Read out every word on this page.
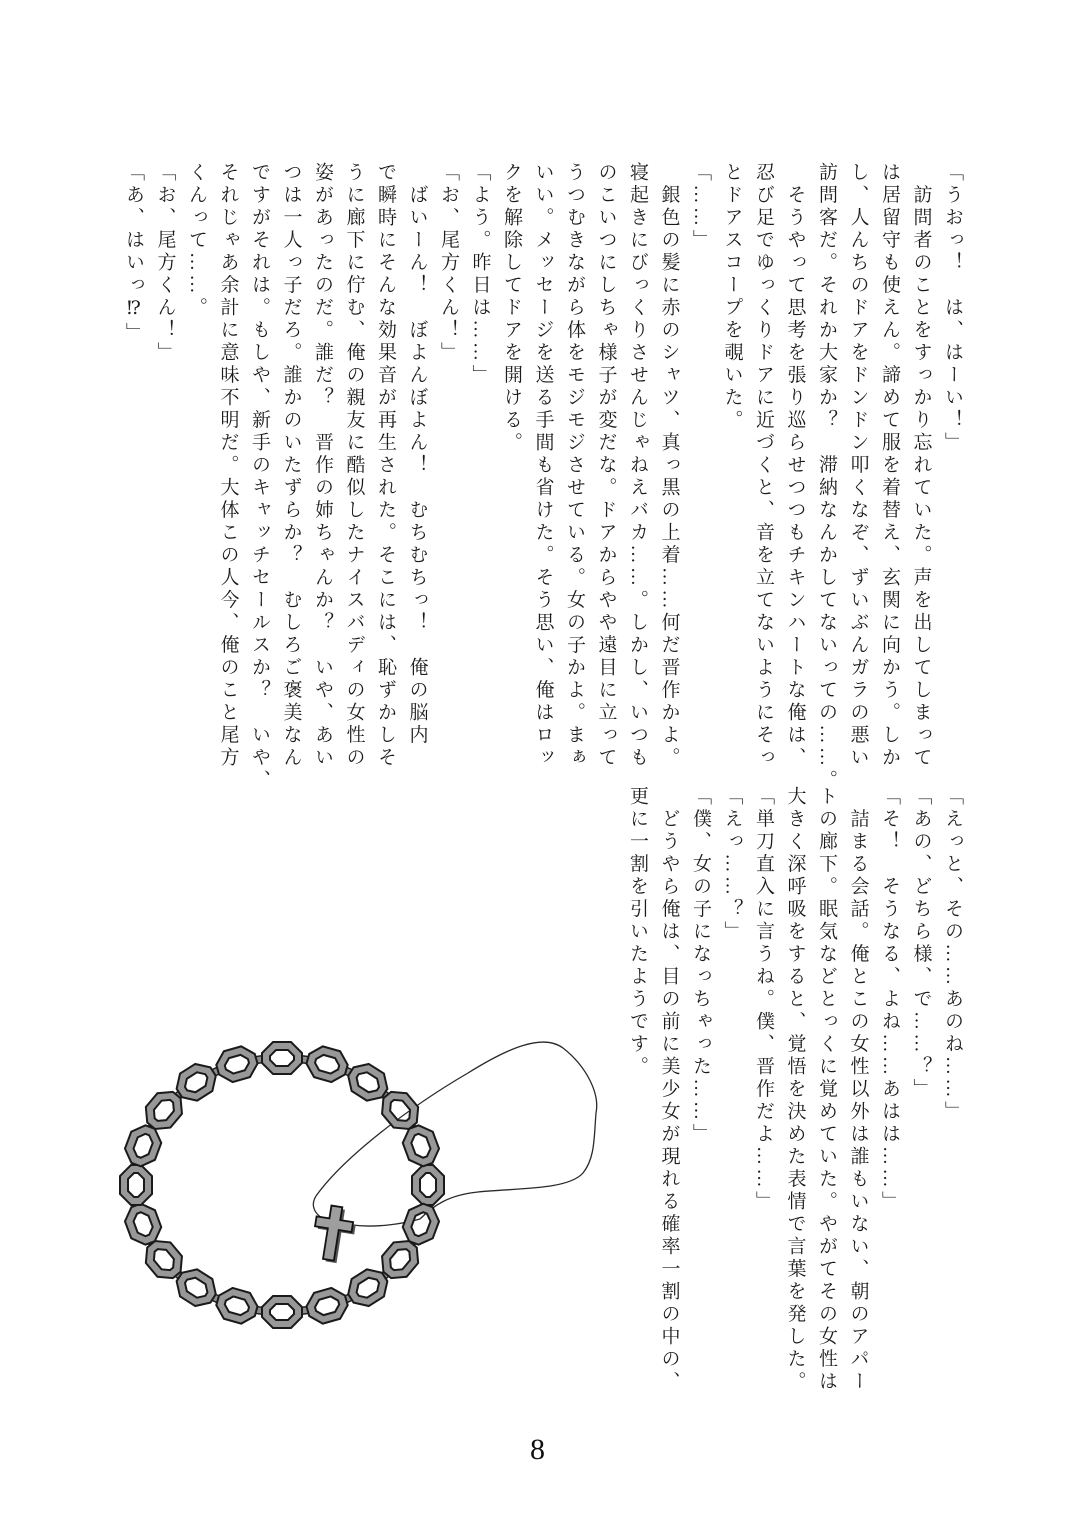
「うおっ！　は、はーい！」
　訪問者のことをすっかり忘れていた。声を出してしまって
は居留守も使えん。諦めて服を着替え、玄関に向かう。しか
し、人んちのドアをドンドン叩くなぞ、ずいぶんガラの悪い
訪問客だ。それか大家か？　滞納なんかしてないっての……。
　そうやって思考を張り巡らせつつもチキンハートな俺は、
忍び足でゆっくりドアに近づくと、音を立てないようにそっ
とドアスコープを覗いた。
「……」
　銀色の髪に赤のシャツ、真っ黒の上着……何だ晋作かよ。
寝起きにびっくりさせんじゃねえバカ……。しかし、いつも
のこいつにしちゃ様子が変だな。ドアからやや遠目に立って
うつむきながら体をモジモジさせている。女の子かよ。まぁ
いい。メッセージを送る手間も省けた。そう思い、俺はロッ
クを解除してドアを開ける。
「よう。昨日は……」
「お、尾方くん！」
　ばいーん！　ぼよんぼよん！　むちむちっ！　俺の脳内
で瞬時にそんな効果音が再生された。そこには、恥ずかしそ
うに廊下に佇む、俺の親友に酷似したナイスバディの女性の
姿があったのだ。誰だ？　晋作の姉ちゃんか？　いや、あい
つは一人っ子だろ。誰かのいたずらか？　むしろご褒美なん
ですがそれは。もしや、新手のキャッチセールスか？　いや、
それじゃあ余計に意味不明だ。大体この人今、俺のこと尾方
くんって……。
「お、尾方くん！」
「あ、はいっ⁉」
「えっと、その……あのね……」
「あの、どちら様、で……？」
「そ！　そうなる、よね……あはは……」
　詰まる会話。俺とこの女性以外は誰もいない、朝のアパー
トの廊下。眠気などとっくに覚めていた。やがてその女性は
大きく深呼吸をすると、覚悟を決めた表情で言葉を発した。
「単刀直入に言うね。僕、晋作だよ……」
「えっ……？」
「僕、女の子になっちゃった……」
　どうやら俺は、目の前に美少女が現れる確率一割の中の、
更に一割を引いたようです。
8
